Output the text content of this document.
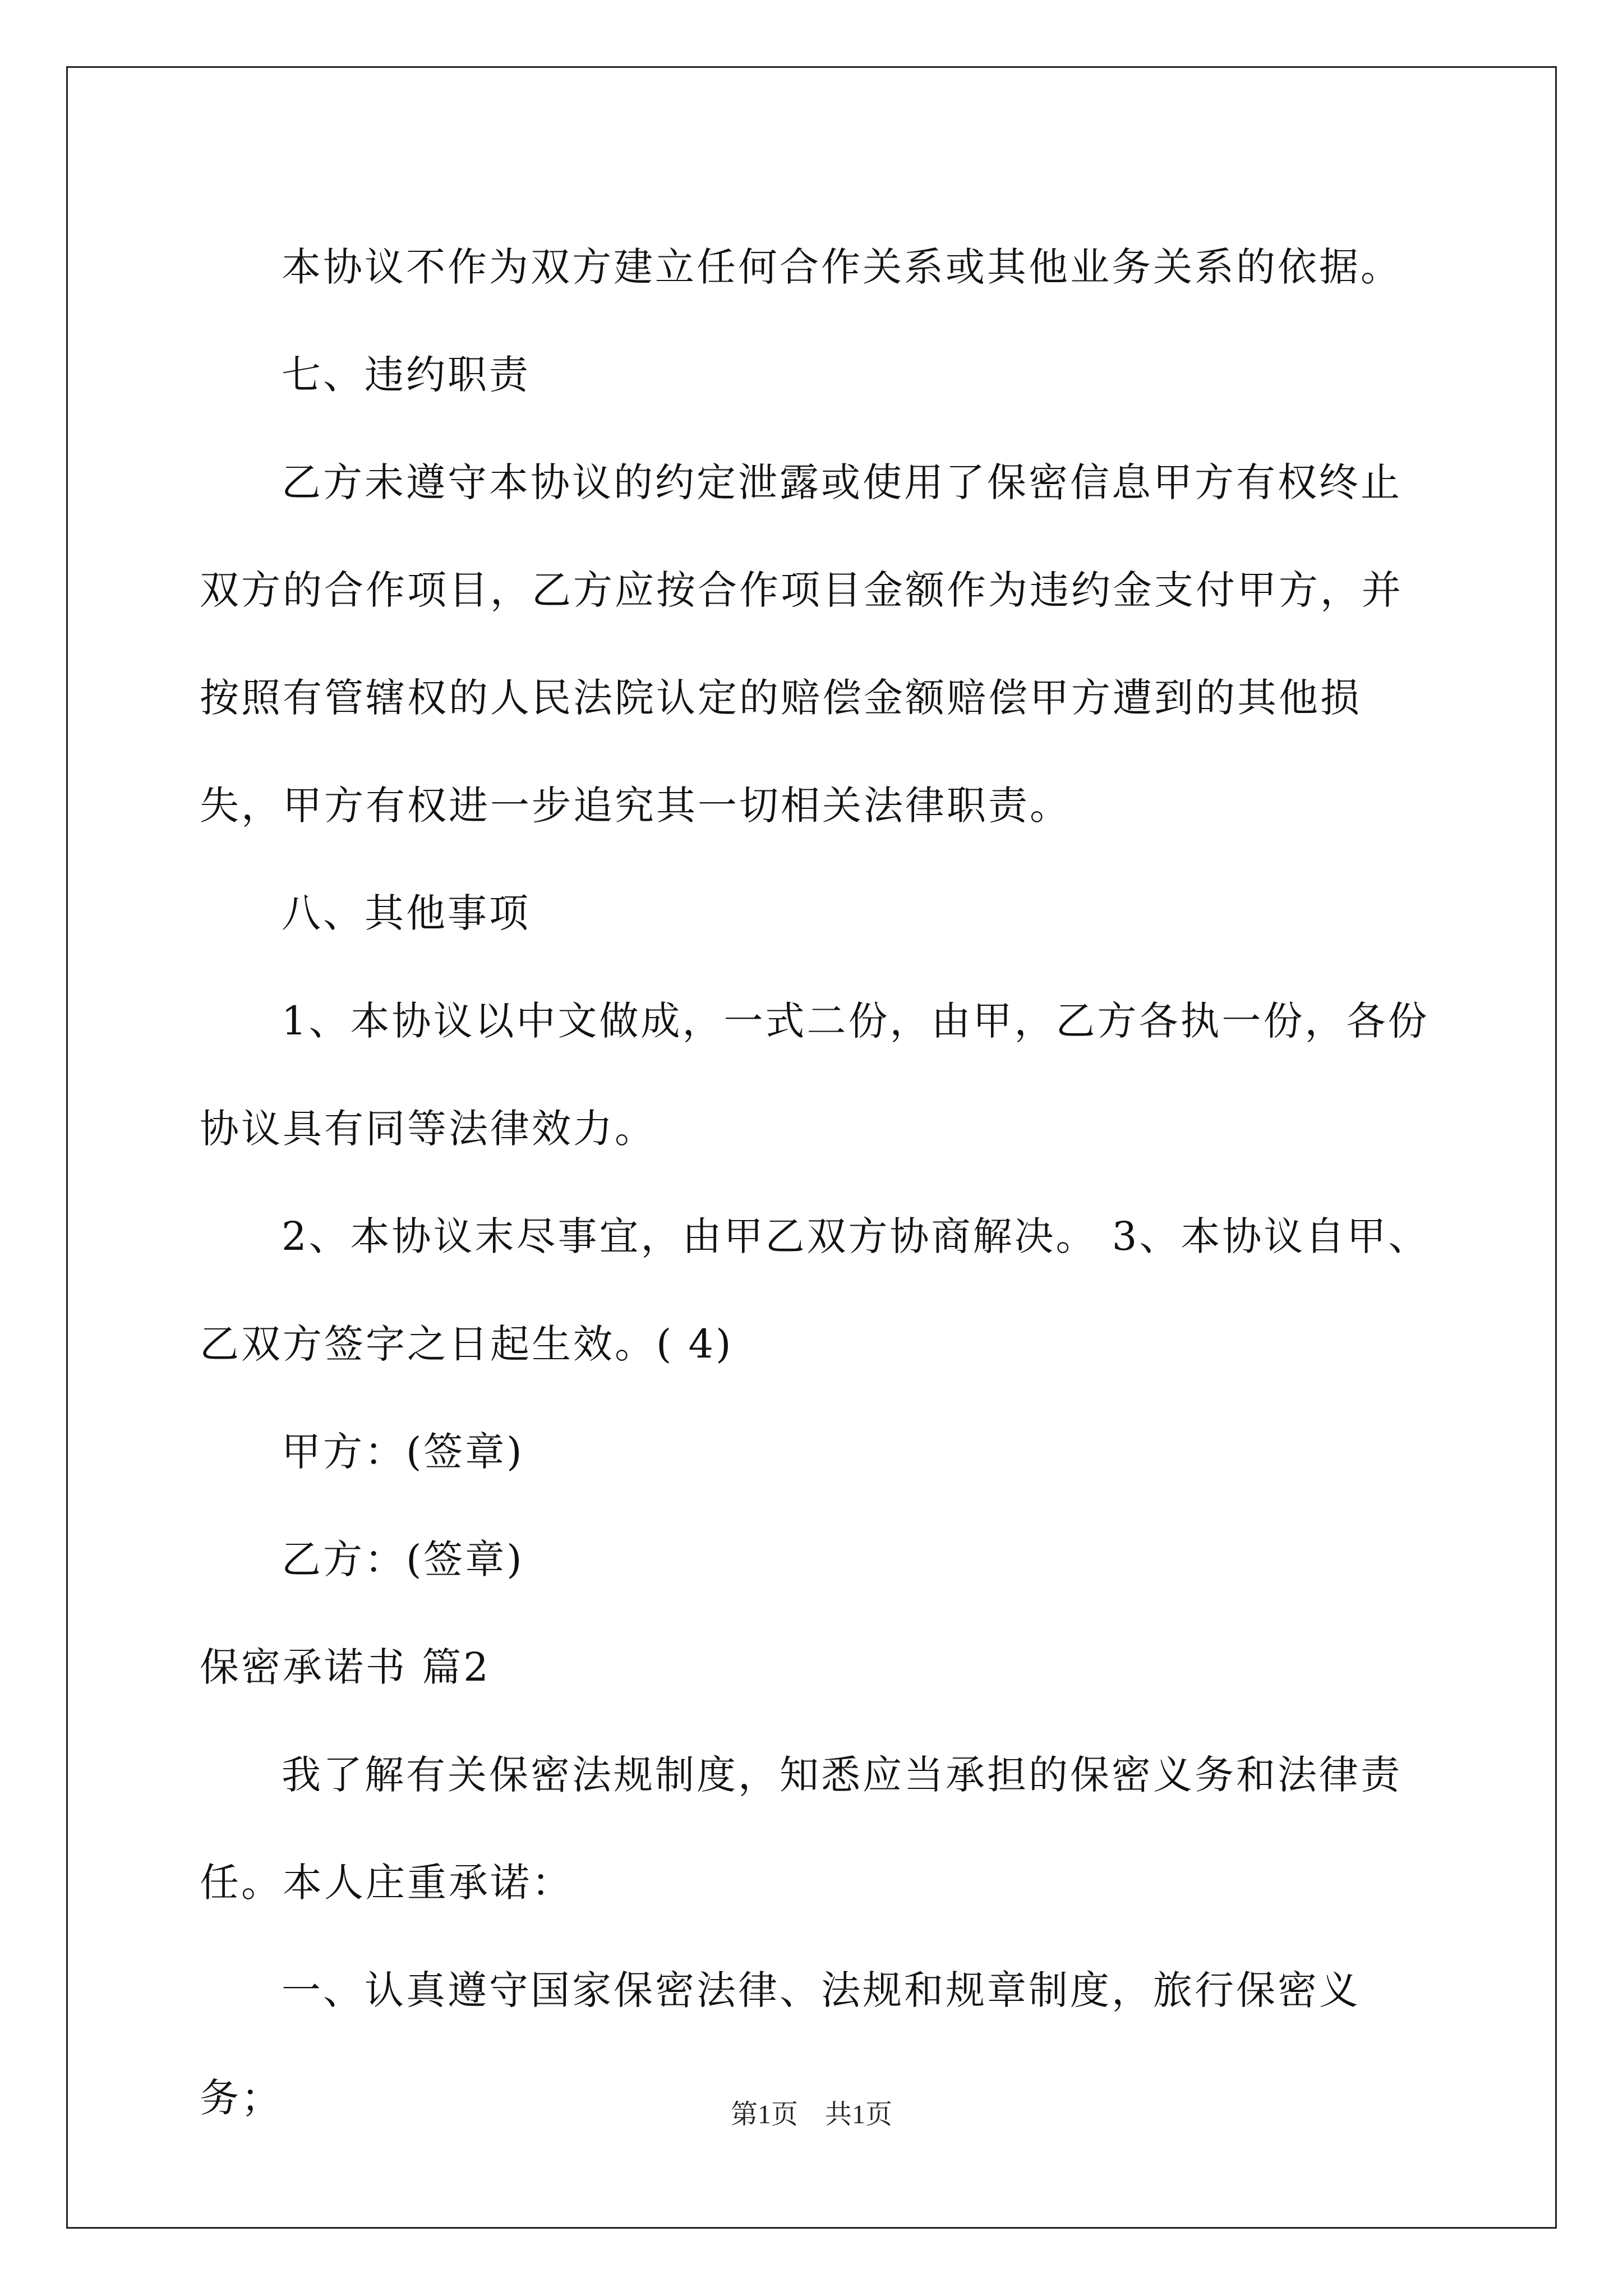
本协议不作为双方建立任何合作关系或其他业务关系的依据。

七、违约职责

乙方未遵守本协议的约定泄露或使用了保密信息甲方有权终止双方的合作项目，乙方应按合作项目金额作为违约金支付甲方，并按照有管辖权的人民法院认定的赔偿金额赔偿甲方遭到的其他损失，甲方有权进一步追究其一切相关法律职责。

八、其他事项

1、本协议以中文做成，一式二份，由甲，乙方各执一份，各份协议具有同等法律效力。

2、本协议末尽事宜，由甲乙双方协商解决。 3、本协议自甲、乙双方签字之日起生效。( 4)

甲方：(签章)

乙方：(签章)

保密承诺书 篇2

我了解有关保密法规制度，知悉应当承担的保密义务和法律责任。本人庄重承诺：

一、认真遵守国家保密法律、法规和规章制度，旅行保密义务；	第1页　共1页
